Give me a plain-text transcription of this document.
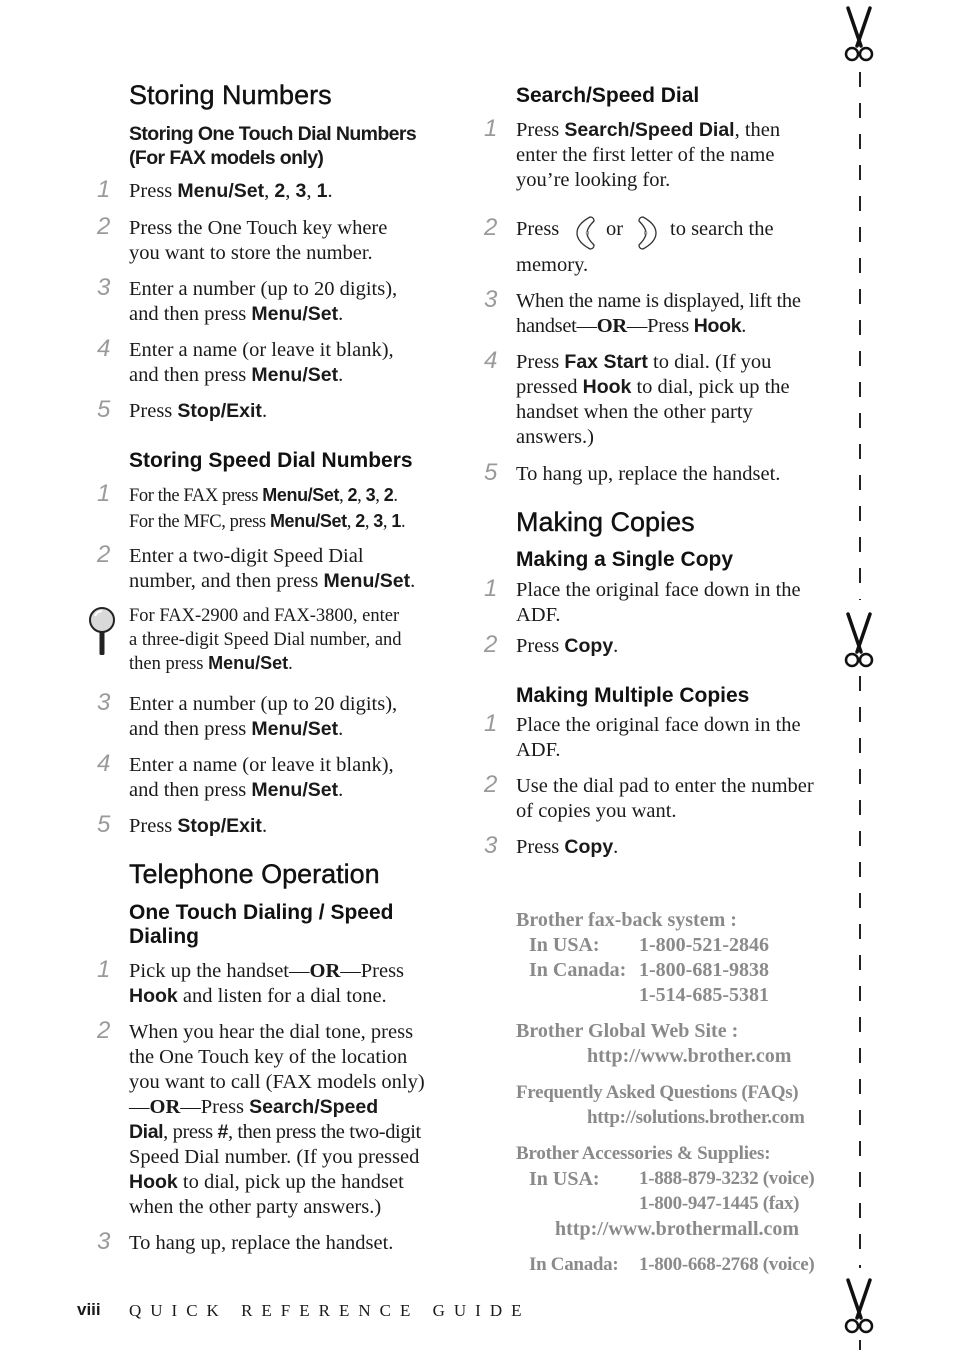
Storing Numbers
Storing One Touch Dial Numbers
(For FAX models only)
1 Press Menu/Set, 2, 3, 1.
2 Press the One Touch key where
you want to store the number.
3 Enter a number (up to 20 digits),
and then press Menu/Set.
4 Enter a name (or leave it blank),
and then press Menu/Set.
5 Press Stop/Exit.
Storing Speed Dial Numbers
1 For the FAX press Menu/Set, 2, 3, 2.
For the MFC, press Menu/Set, 2, 3, 1.
2 Enter a two-digit Speed Dial
number, and then press Menu/Set.
For FAX-2900 and FAX-3800, enter
a three-digit Speed Dial number, and
then press Menu/Set.
3 Enter a number (up to 20 digits),
and then press Menu/Set.
4 Enter a name (or leave it blank),
and then press Menu/Set.
5 Press Stop/Exit.
Telephone Operation
One Touch Dialing / Speed
Dialing
1 Pick up the handset—OR—Press
Hook and listen for a dial tone.
2 When you hear the dial tone, press
the One Touch key of the location
you want to call (FAX models only)
—OR—Press Search/Speed
Dial, press #, then press the two-digit
Speed Dial number. (If you pressed
Hook to dial, pick up the handset
when the other party answers.)
3 To hang up, replace the handset.
Search/Speed Dial
1 Press Search/Speed Dial, then
enter the first letter of the name
you’re looking for.
2 Press or to search the
memory.
3 When the name is displayed, lift the
handset—OR—Press Hook.
4 Press Fax Start to dial. (If you
pressed Hook to dial, pick up the
handset when the other party
answers.)
5 To hang up, replace the handset.
Making Copies
Making a Single Copy
1 Place the original face down in the
ADF.
2 Press Copy.
Making Multiple Copies
1 Place the original face down in the
ADF.
2 Use the dial pad to enter the number
of copies you want.
3 Press Copy.
Brother fax-back system :
In USA: 1-800-521-2846
In Canada: 1-800-681-9838
1-514-685-5381
Brother Global Web Site :
http://www.brother.com
Frequently Asked Questions (FAQs)
http://solutions.brother.com
Brother Accessories & Supplies:
In USA: 1-888-879-3232 (voice)
1-800-947-1445 (fax)
http://www.brothermall.com
In Canada: 1-800-668-2768 (voice)
viii QUICK REFERENCE GUIDE
